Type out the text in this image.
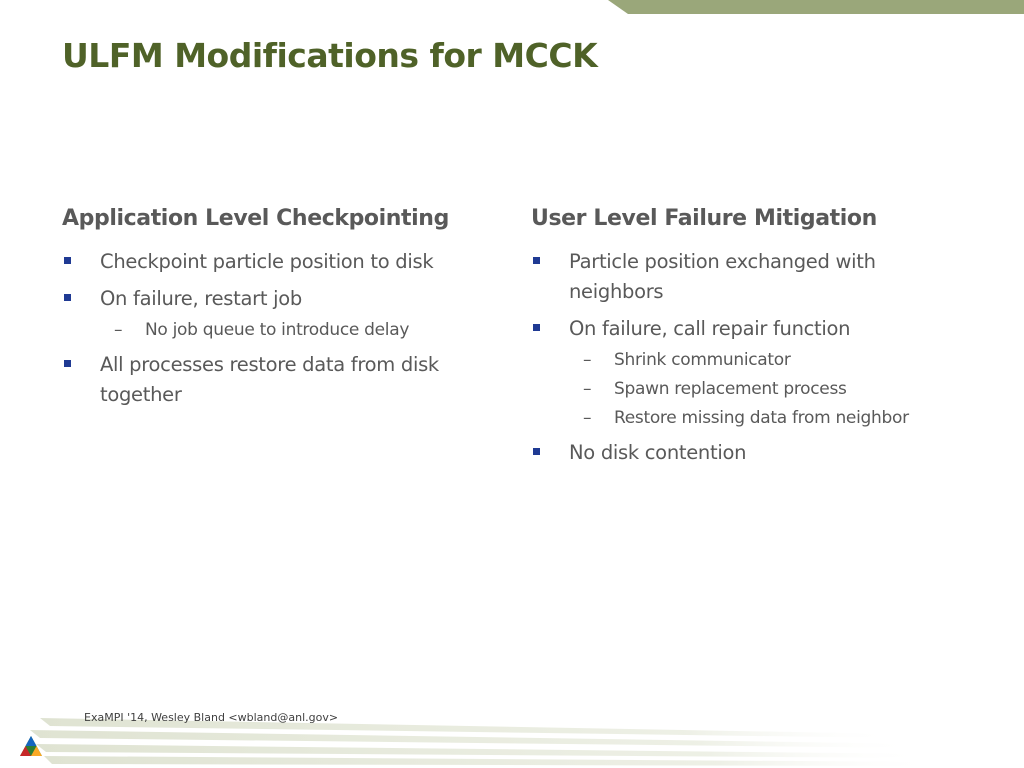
ULFM Modifications for MCCK
Application Level Checkpointing
Checkpoint particle position to disk
On failure, restart job
– No job queue to introduce delay
All processes restore data from disk together
User Level Failure Mitigation
Particle position exchanged with neighbors
On failure, call repair function
– Shrink communicator
– Spawn replacement process
– Restore missing data from neighbor
No disk contention
ExaMPI '14, Wesley Bland <wbland@anl.gov>
